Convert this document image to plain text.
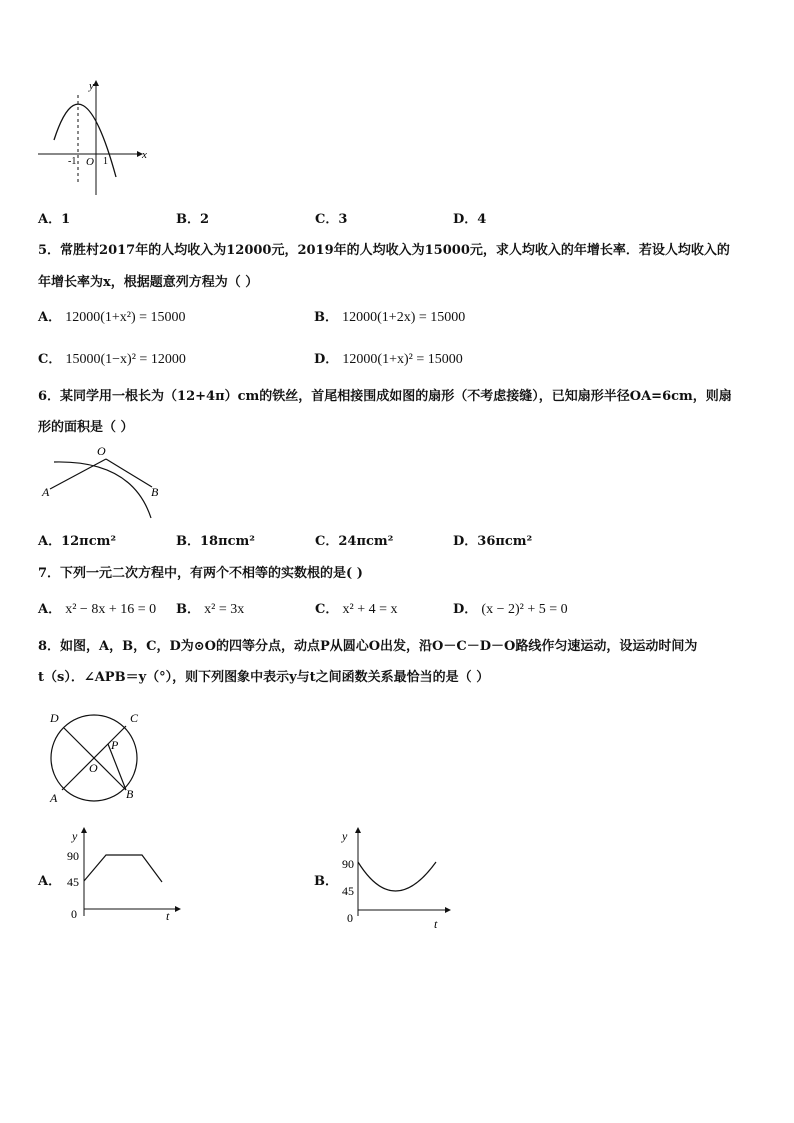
y
x
-1 O 1
A．1	B．2	C．3	D．4
5．常胜村2017年的人均收入为12000元，2019年的人均收入为15000元，求人均收入的年增长率．若设人均收入的
年增长率为x，根据题意列方程为（ ）
A． 12000(1+x²) = 15000	B． 12000(1+2x) = 15000
C． 15000(1−x)² = 12000	D． 12000(1+x)² = 15000
6．某同学用一根长为（12+4π）cm的铁丝，首尾相接围成如图的扇形（不考虑接缝），已知扇形半径OA=6cm，则扇
形的面积是（ ）
O
A	B
A．12πcm²	B．18πcm²	C．24πcm²	D．36πcm²
7．下列一元二次方程中，有两个不相等的实数根的是( )
A． x² − 8x + 16 = 0 B． x² = 3x	C． x² + 4 = x	D． (x − 2)² + 5 = 0
8．如图，A，B，C，D为⊙O的四等分点，动点P从圆心O出发，沿O－C－D－O路线作匀速运动，设运动时间为
t（s）．∠APB＝y（°），则下列图象中表示y与t之间函数关系最恰当的是（ ）
D	C
P
O
A	B
A．
y
90
45
0	t
B．
y
90
45
0	t
